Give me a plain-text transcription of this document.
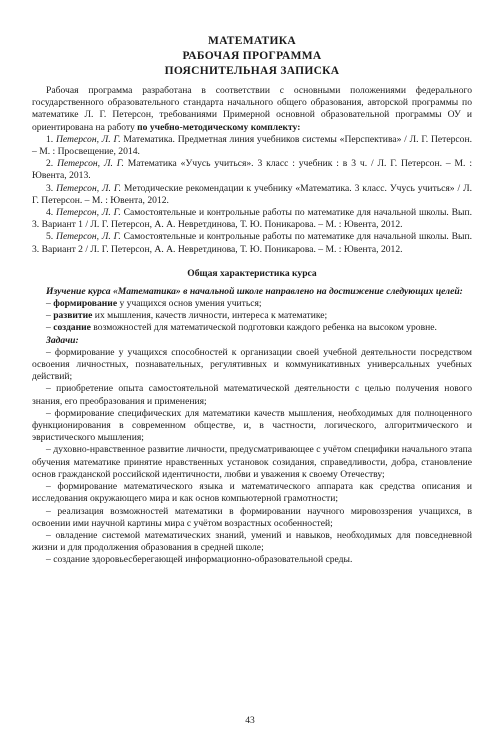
МАТЕМАТИКА
РАБОЧАЯ ПРОГРАММА
ПОЯСНИТЕЛЬНАЯ ЗАПИСКА

Рабочая программа разработана в соответствии с основными положениями федерального государственного образовательного стандарта начального общего образования, авторской программы по математике Л. Г. Петерсон, требованиями Примерной основной образовательной программы ОУ и ориентирована на работу по учебно-методическому комплекту:

1. Петерсон, Л. Г. Математика. Предметная линия учебников системы «Перспектива» / Л. Г. Петерсон. – М. : Просвещение, 2014.

2. Петерсон, Л. Г. Математика «Учусь учиться». 3 класс : учебник : в 3 ч. / Л. Г. Петерсон. – М. : Ювента, 2013.

3. Петерсон, Л. Г. Методические рекомендации к учебнику «Математика. 3 класс. Учусь учиться» / Л. Г. Петерсон. – М. : Ювента, 2012.

4. Петерсон, Л. Г. Самостоятельные и контрольные работы по математике для начальной школы. Вып. 3. Вариант 1 / Л. Г. Петерсон, А. А. Невретдинова, Т. Ю. Поникарова. – М. : Ювента, 2012.

5. Петерсон, Л. Г. Самостоятельные и контрольные работы по математике для начальной школы. Вып. 3. Вариант 2 / Л. Г. Петерсон, А. А. Невретдинова, Т. Ю. Поникарова. – М. : Ювента, 2012.

Общая характеристика курса

Изучение курса «Математика» в начальной школе направлено на достижение следующих целей:

– формирование у учащихся основ умения учиться;

– развитие их мышления, качеств личности, интереса к математике;

– создание возможностей для математической подготовки каждого ребенка на высоком уровне.

Задачи:

– формирование у учащихся способностей к организации своей учебной деятельности посредством освоения личностных, познавательных, регулятивных и коммуникативных универсальных учебных действий;

– приобретение опыта самостоятельной математической деятельности с целью получения нового знания, его преобразования и применения;

– формирование специфических для математики качеств мышления, необходимых для полноценного функционирования в современном обществе, и, в частности, логического, алгоритмического и эвристического мышления;

– духовно-нравственное развитие личности, предусматривающее с учётом специфики начального этапа обучения математике принятие нравственных установок созидания, справедливости, добра, становление основ гражданской российской идентичности, любви и уважения к своему Отечеству;

– формирование математического языка и математического аппарата как средства описания и исследования окружающего мира и как основ компьютерной грамотности;

– реализация возможностей математики в формировании научного мировоззрения учащихся, в освоении ими научной картины мира с учётом возрастных особенностей;

– овладение системой математических знаний, умений и навыков, необходимых для повседневной жизни и для продолжения образования в средней школе;

– создание здоровьесберегающей информационно-образовательной среды.

43
